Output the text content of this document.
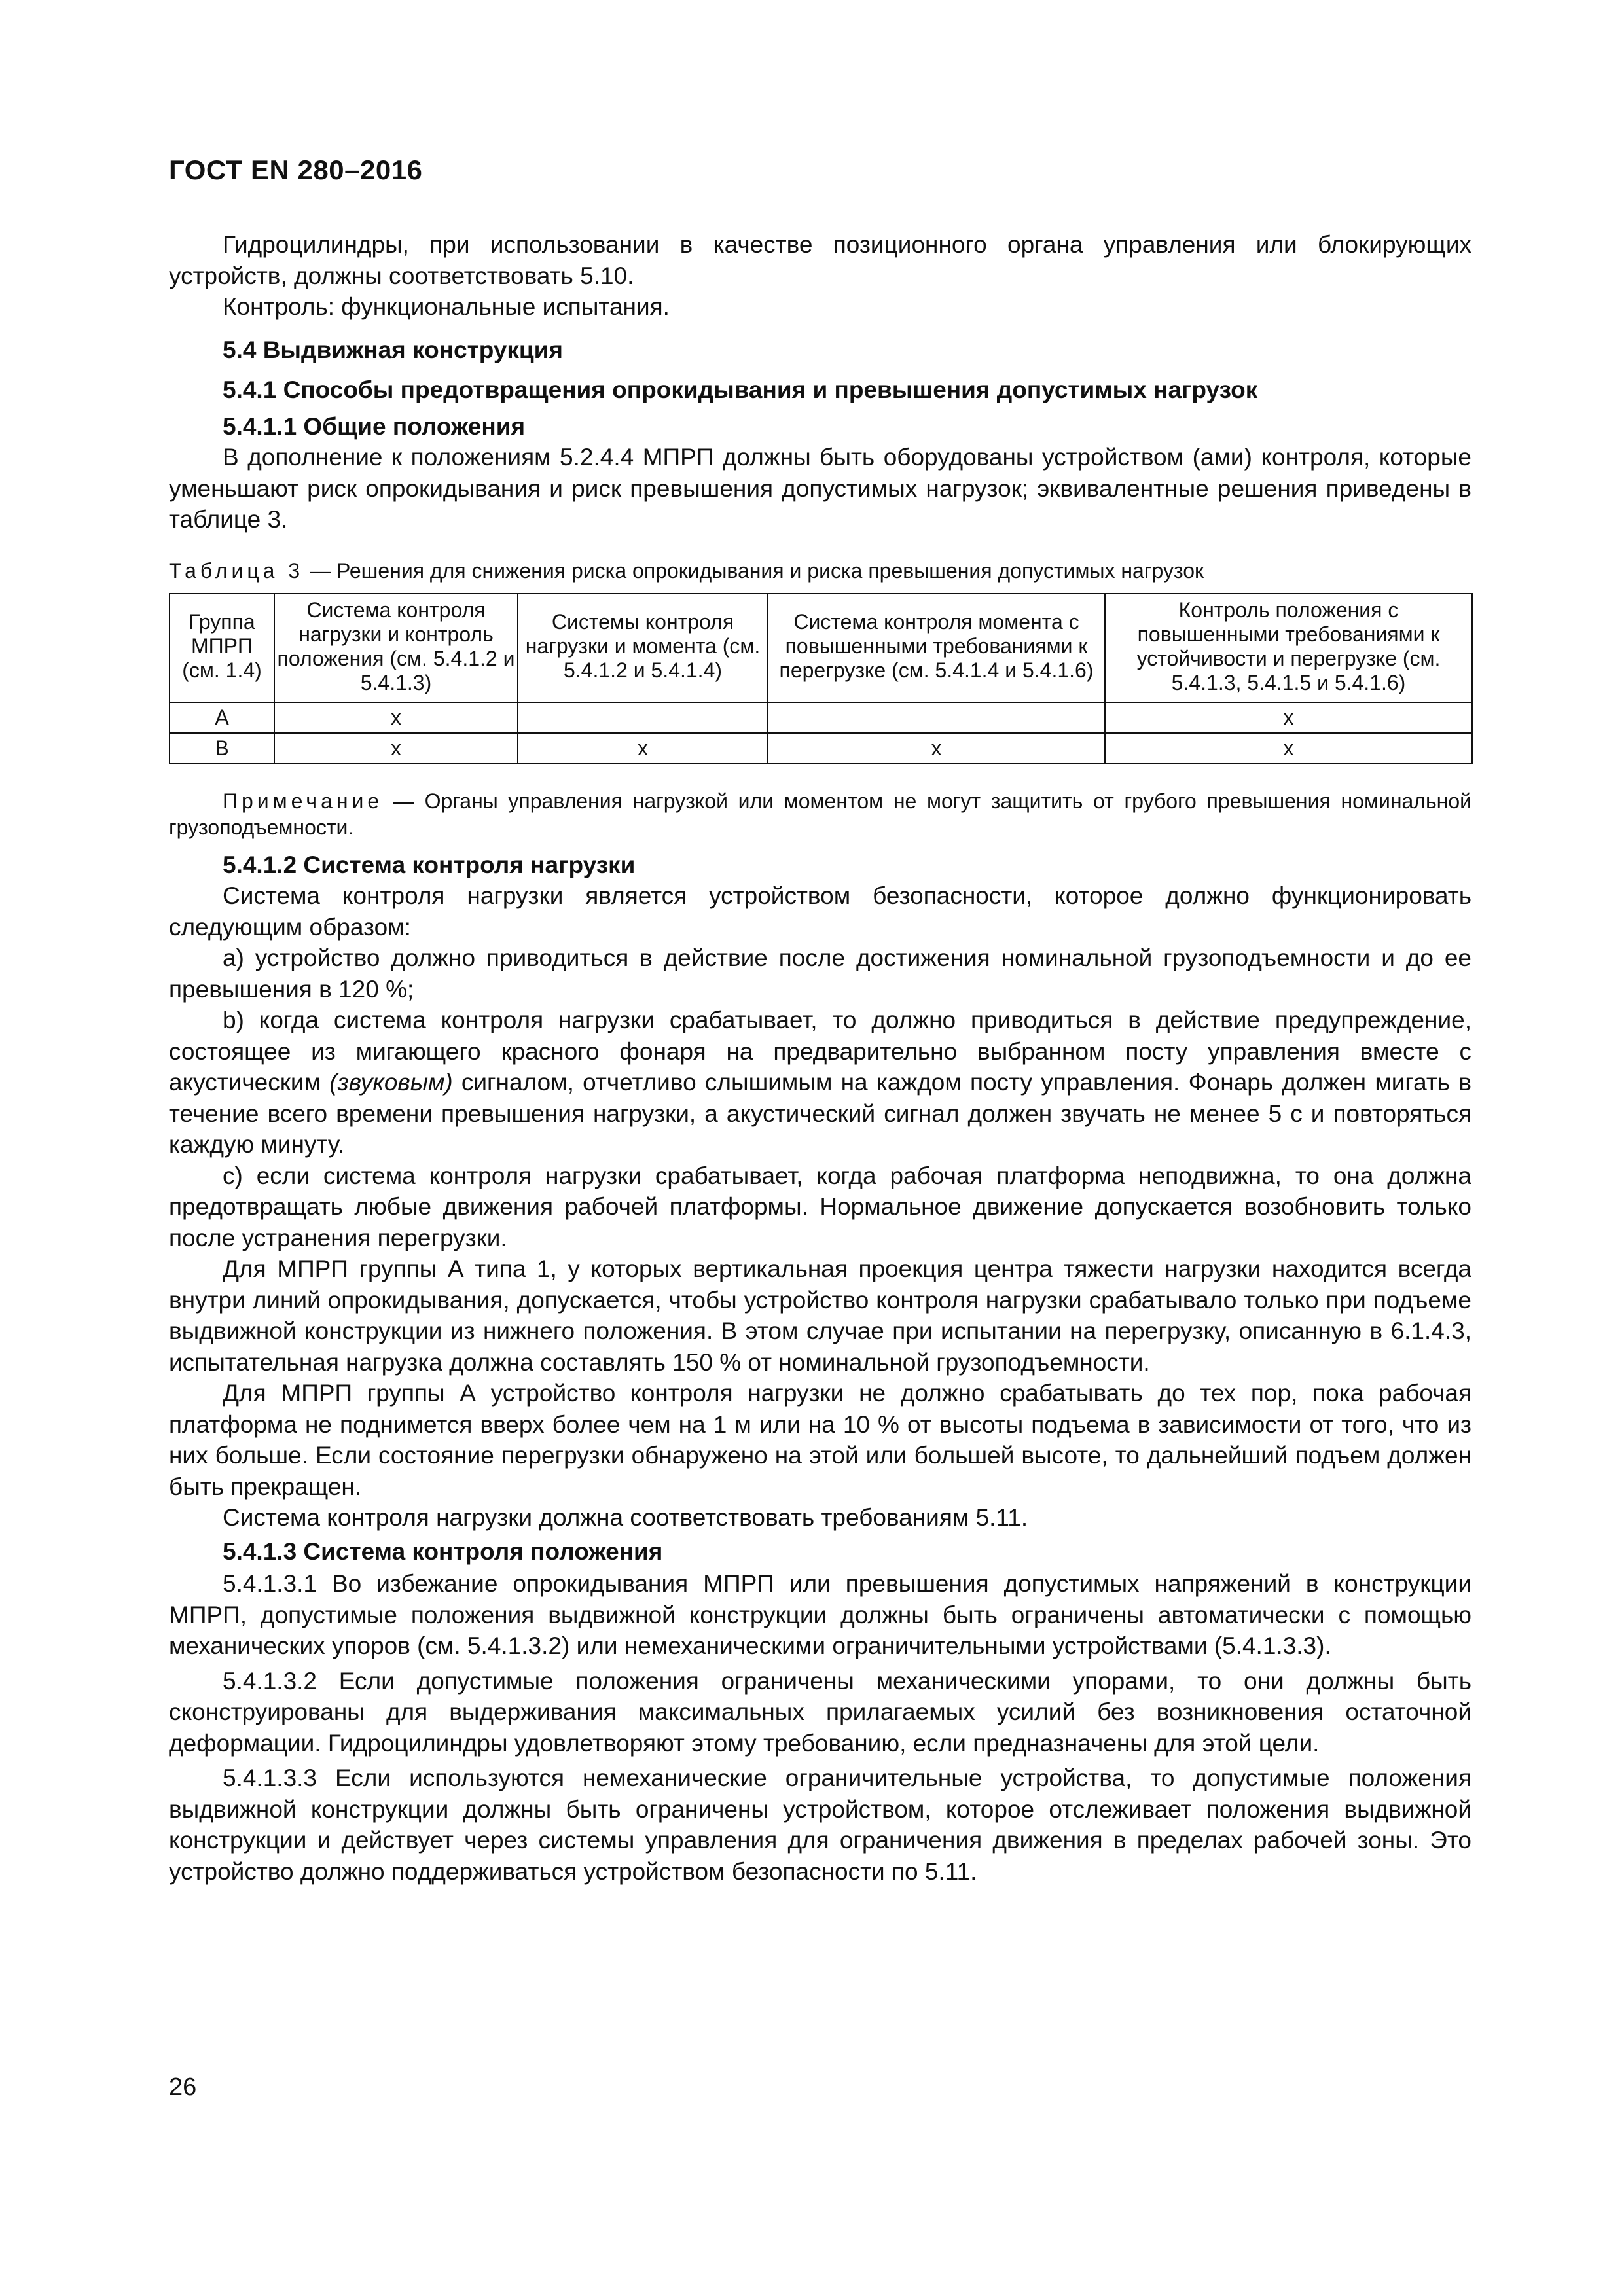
ГОСТ EN 280–2016

Гидроцилиндры, при использовании в качестве позиционного органа управления или блокирующих устройств, должны соответствовать 5.10.

Контроль: функциональные испытания.

5.4 Выдвижная конструкция

5.4.1 Способы предотвращения опрокидывания и превышения допустимых нагрузок

5.4.1.1 Общие положения

В дополнение к положениям 5.2.4.4 МПРП должны быть оборудованы устройством (ами) контроля, которые уменьшают риск опрокидывания и риск превышения допустимых нагрузок; эквивалентные решения приведены в таблице 3.

Таблица 3 — Решения для снижения риска опрокидывания и риска превышения допустимых нагрузок
Группа МПРП (см. 1.4)	Система контроля нагрузки и контроль положения (см. 5.4.1.2 и 5.4.1.3)	Системы контроля нагрузки и момента (см. 5.4.1.2 и 5.4.1.4)	Система контроля момента с повышенными требованиями к перегрузке (см. 5.4.1.4 и 5.4.1.6)	Контроль положения с повышенными требованиями к устойчивости и перегрузке (см. 5.4.1.3, 5.4.1.5 и 5.4.1.6)
A	x			x
B	x	x	x	x

Примечание — Органы управления нагрузкой или моментом не могут защитить от грубого превышения номинальной грузоподъемности.

5.4.1.2 Система контроля нагрузки

Система контроля нагрузки является устройством безопасности, которое должно функционировать следующим образом:

a) устройство должно приводиться в действие после достижения номинальной грузоподъемности и до ее превышения в 120 %;

b) когда система контроля нагрузки срабатывает, то должно приводиться в действие предупреждение, состоящее из мигающего красного фонаря на предварительно выбранном посту управления вместе с акустическим (звуковым) сигналом, отчетливо слышимым на каждом посту управления. Фонарь должен мигать в течение всего времени превышения нагрузки, а акустический сигнал должен звучать не менее 5 с и повторяться каждую минуту.

c) если система контроля нагрузки срабатывает, когда рабочая платформа неподвижна, то она должна предотвращать любые движения рабочей платформы. Нормальное движение допускается возобновить только после устранения перегрузки.

Для МПРП группы А типа 1, у которых вертикальная проекция центра тяжести нагрузки находится всегда внутри линий опрокидывания, допускается, чтобы устройство контроля нагрузки срабатывало только при подъеме выдвижной конструкции из нижнего положения. В этом случае при испытании на перегрузку, описанную в 6.1.4.3, испытательная нагрузка должна составлять 150 % от номинальной грузоподъемности.

Для МПРП группы А устройство контроля нагрузки не должно срабатывать до тех пор, пока рабочая платформа не поднимется вверх более чем на 1 м или на 10 % от высоты подъема в зависимости от того, что из них больше. Если состояние перегрузки обнаружено на этой или большей высоте, то дальнейший подъем должен быть прекращен.

Система контроля нагрузки должна соответствовать требованиям 5.11.

5.4.1.3 Система контроля положения

5.4.1.3.1 Во избежание опрокидывания МПРП или превышения допустимых напряжений в конструкции МПРП, допустимые положения выдвижной конструкции должны быть ограничены автоматически с помощью механических упоров (см. 5.4.1.3.2) или немеханическими ограничительными устройствами (5.4.1.3.3).

5.4.1.3.2 Если допустимые положения ограничены механическими упорами, то они должны быть сконструированы для выдерживания максимальных прилагаемых усилий без возникновения остаточной деформации. Гидроцилиндры удовлетворяют этому требованию, если предназначены для этой цели.

5.4.1.3.3 Если используются немеханические ограничительные устройства, то допустимые положения выдвижной конструкции должны быть ограничены устройством, которое отслеживает положения выдвижной конструкции и действует через системы управления для ограничения движения в пределах рабочей зоны. Это устройство должно поддерживаться устройством безопасности по 5.11.

26
